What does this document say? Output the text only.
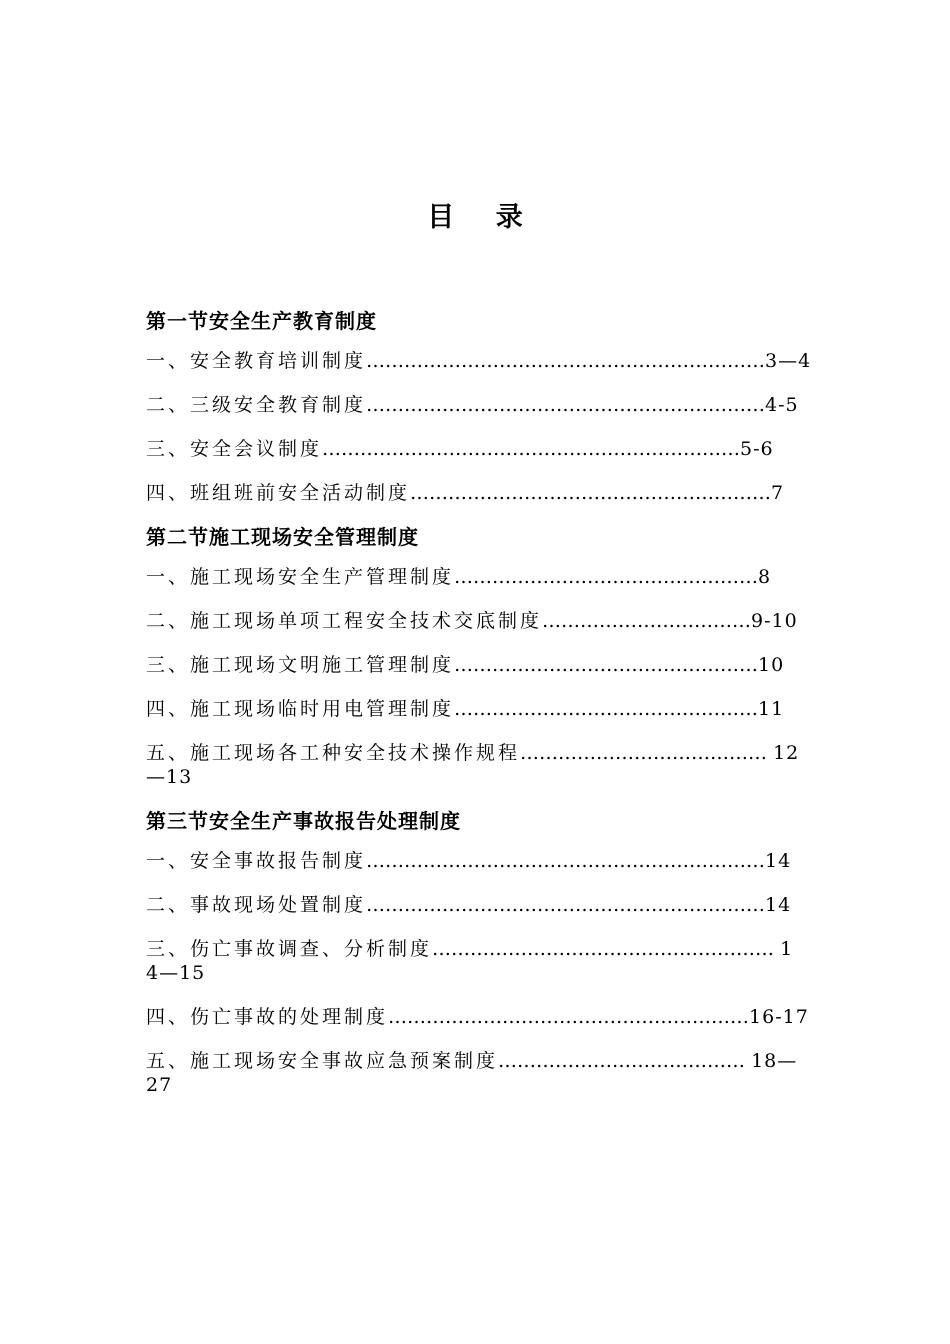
目 录
第一节安全生产教育制度
一、安全教育培训制度………………………………………………………3—4
二、三级安全教育制度………………………………………………………4-5
三、安全会议制度…………………………………………………………5-6
四、班组班前安全活动制度…………………………………………………7
第二节施工现场安全管理制度
一、施工现场安全生产管理制度…………………………………………8
二、施工现场单项工程安全技术交底制度……………………………9-10
三、施工现场文明施工管理制度…………………………………………10
四、施工现场临时用电管理制度…………………………………………11
五、施工现场各工种安全技术操作规程………………………………… 12—13
第三节安全生产事故报告处理制度
一、安全事故报告制度………………………………………………………14
二、事故现场处置制度………………………………………………………14
三、伤亡事故调查、分析制度……………………………………………… 14—15
四、伤亡事故的处理制度…………………………………………………16-17
五、施工现场安全事故应急预案制度………………………………… 18—27
